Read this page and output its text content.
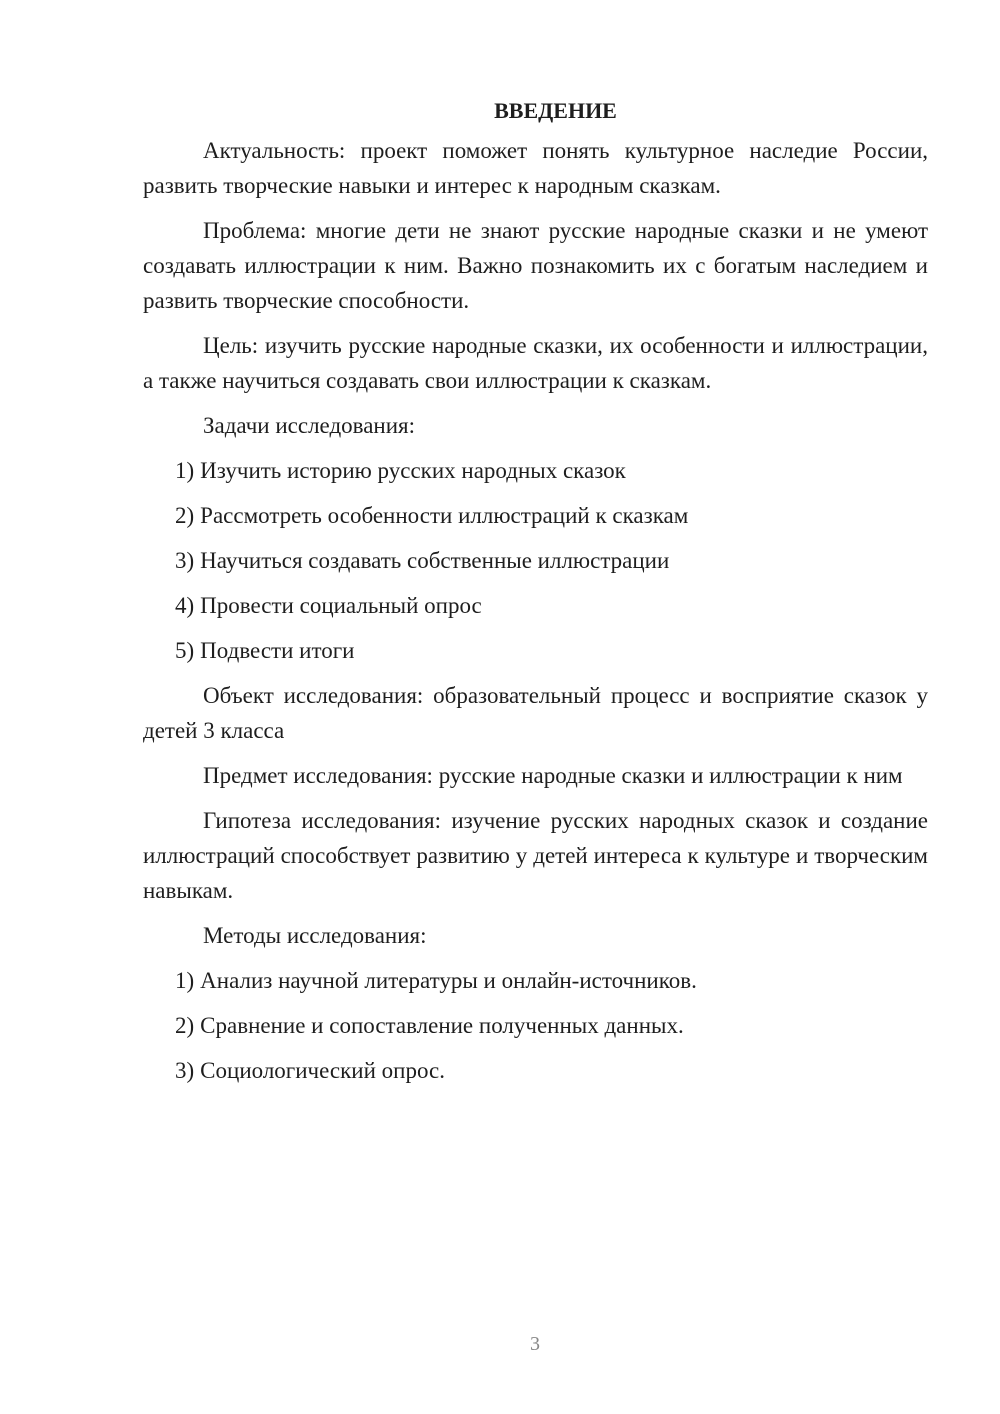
ВВЕДЕНИЕ

Актуальность: проект поможет понять культурное наследие России, развить творческие навыки и интерес к народным сказкам.

Проблема: многие дети не знают русские народные сказки и не умеют создавать иллюстрации к ним. Важно познакомить их с богатым наследием и развить творческие способности.

Цель: изучить русские народные сказки, их особенности и иллюстрации, а также научиться создавать свои иллюстрации к сказкам.

Задачи исследования:

1) Изучить историю русских народных сказок
2) Рассмотреть особенности иллюстраций к сказкам
3) Научиться создавать собственные иллюстрации
4) Провести социальный опрос
5) Подвести итоги

Объект исследования: образовательный процесс и восприятие сказок у детей 3 класса

Предмет исследования: русские народные сказки и иллюстрации к ним

Гипотеза исследования: изучение русских народных сказок и создание иллюстраций способствует развитию у детей интереса к культуре и творческим навыкам.

Методы исследования:

1) Анализ научной литературы и онлайн-источников.
2) Сравнение и сопоставление полученных данных.
3) Социологический опрос.
3
